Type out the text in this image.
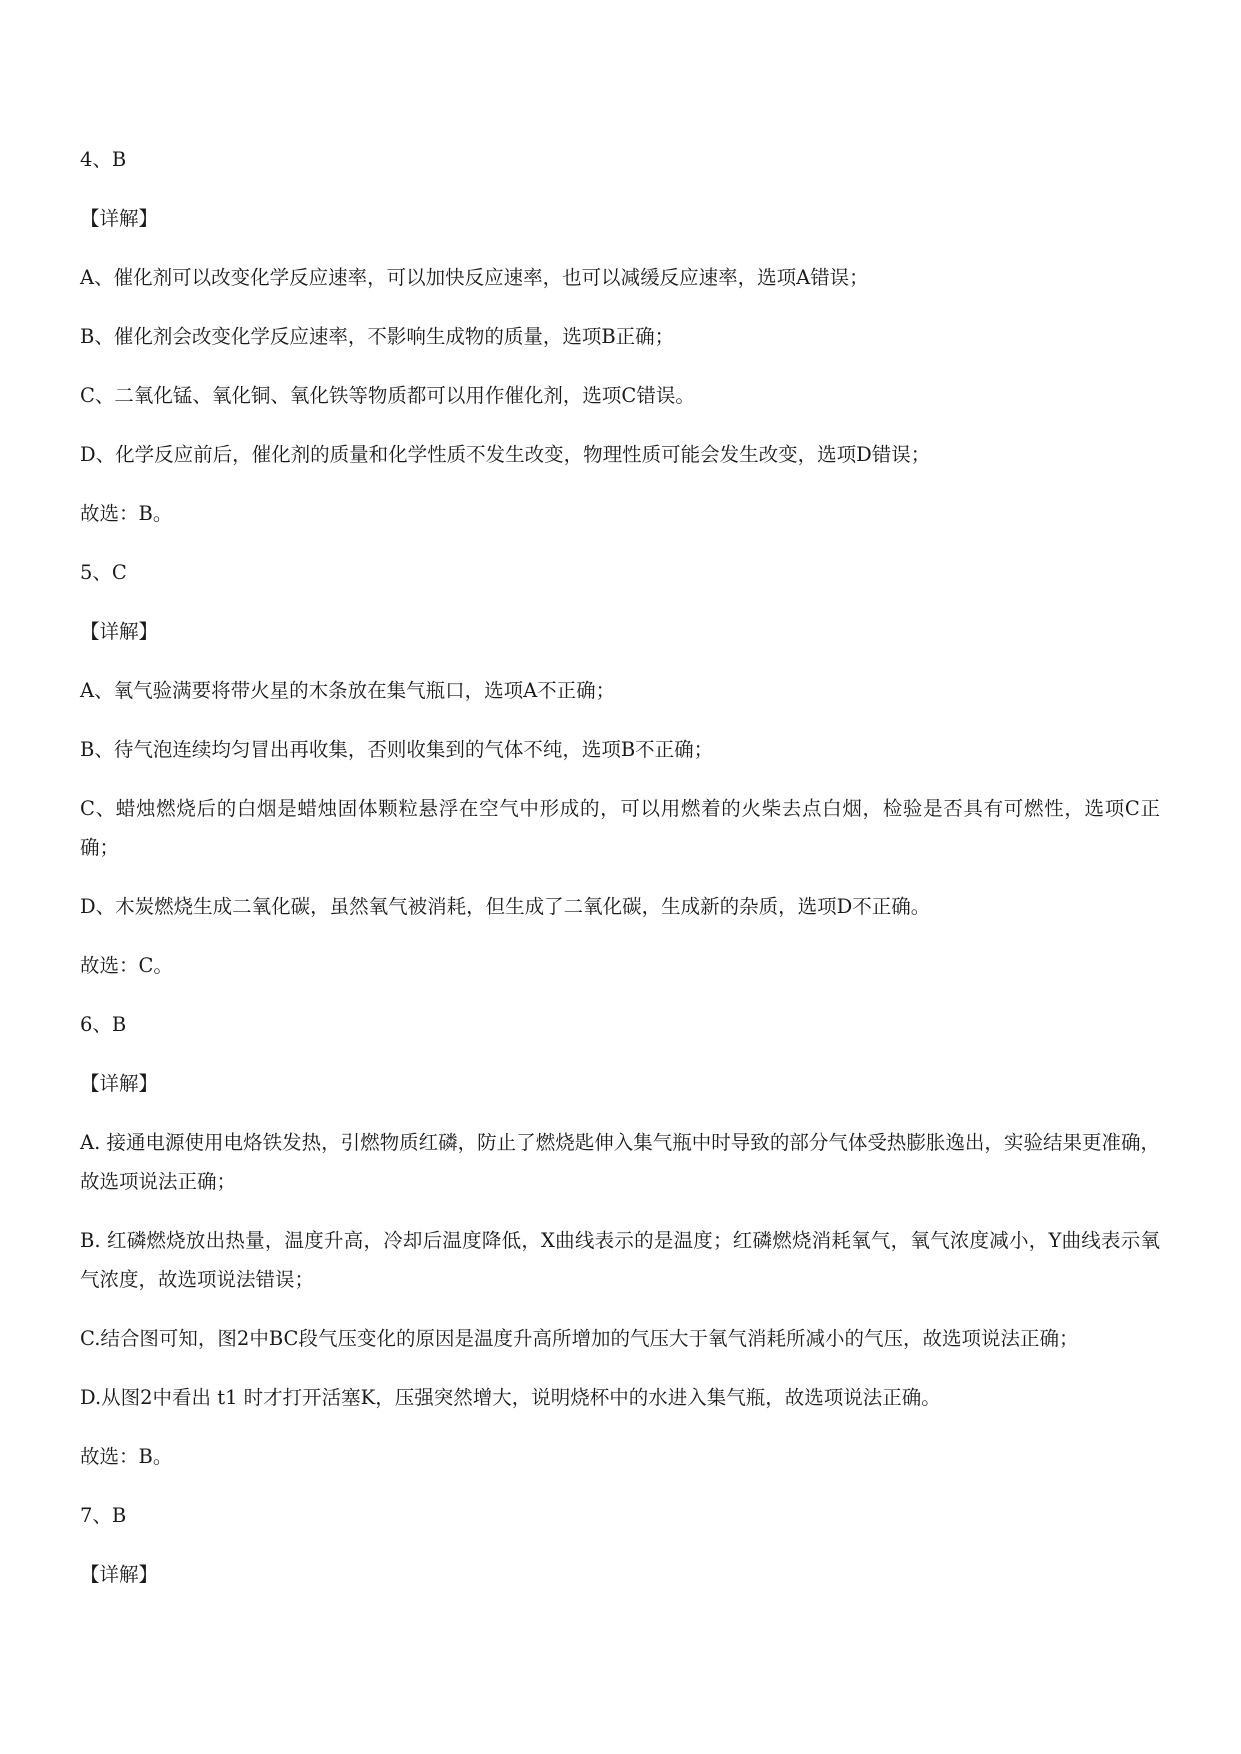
4、B
【详解】
A、催化剂可以改变化学反应速率，可以加快反应速率，也可以减缓反应速率，选项A错误；
B、催化剂会改变化学反应速率，不影响生成物的质量，选项B正确；
C、二氧化锰、氧化铜、氧化铁等物质都可以用作催化剂，选项C错误。
D、化学反应前后，催化剂的质量和化学性质不发生改变，物理性质可能会发生改变，选项D错误；
故选：B。
5、C
【详解】
A、氧气验满要将带火星的木条放在集气瓶口，选项A不正确；
B、待气泡连续均匀冒出再收集，否则收集到的气体不纯，选项B不正确；
C、蜡烛燃烧后的白烟是蜡烛固体颗粒悬浮在空气中形成的，可以用燃着的火柴去点白烟，检验是否具有可燃性，选项C正确；
D、木炭燃烧生成二氧化碳，虽然氧气被消耗，但生成了二氧化碳，生成新的杂质，选项D不正确。
故选：C。
6、B
【详解】
A. 接通电源使用电烙铁发热，引燃物质红磷，防止了燃烧匙伸入集气瓶中时导致的部分气体受热膨胀逸出，实验结果更准确，故选项说法正确；
B. 红磷燃烧放出热量，温度升高，冷却后温度降低，X曲线表示的是温度；红磷燃烧消耗氧气，氧气浓度减小，Y曲线表示氧气浓度，故选项说法错误；
C.结合图可知，图2中BC段气压变化的原因是温度升高所增加的气压大于氧气消耗所减小的气压，故选项说法正确；
D.从图2中看出 t1 时才打开活塞K，压强突然增大，说明烧杯中的水进入集气瓶，故选项说法正确。
故选：B。
7、B
【详解】
